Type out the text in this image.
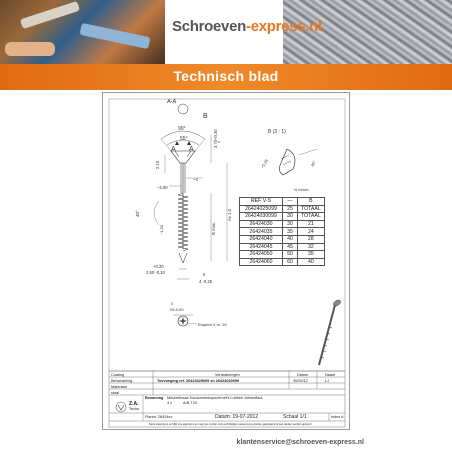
Schroeven-express.nl
Technisch blad
A-A
B
90°
55°
A A
3,70+0,30 0
2,10
~2,80
~4
40°
~1,50	B max.
A± 1,0
+0,20
2,50 -0,10	0
4 -0,25
B (3 : 1)
~0,35	45°
~6 vinnen
0
05-0,50
Emprint X nr. 20
REF V-S	—	B
26424025099	25	TOTAAL
26424030099	30	TOTAAL
26424030	30	21
26424035	35	24
26424040	40	28
26424045	45	32
26424050	50	35
26424060	60	40
Coating	Veranderingen	Datum	Naam
Behandeling	Toevoeging ref. 26424025099 en 26424030099	30/09/12	LJ
Materiaal
staal
Benaming Meubelbouw Kordonnierkopschroef's Lobbee Jofoesflaut
4 x	A/B-T20
Z.A.
Techn.
Planm. 26424xx	Datum: 19-07-2012	Schaal 1/1	Index A
Deze tekening is en blijft ons eigendom en mag niet zonder onze schriftelijke toestemming worden gekopieerd of aan derden worden getoond
klantenservice@schroeven-express.nl
